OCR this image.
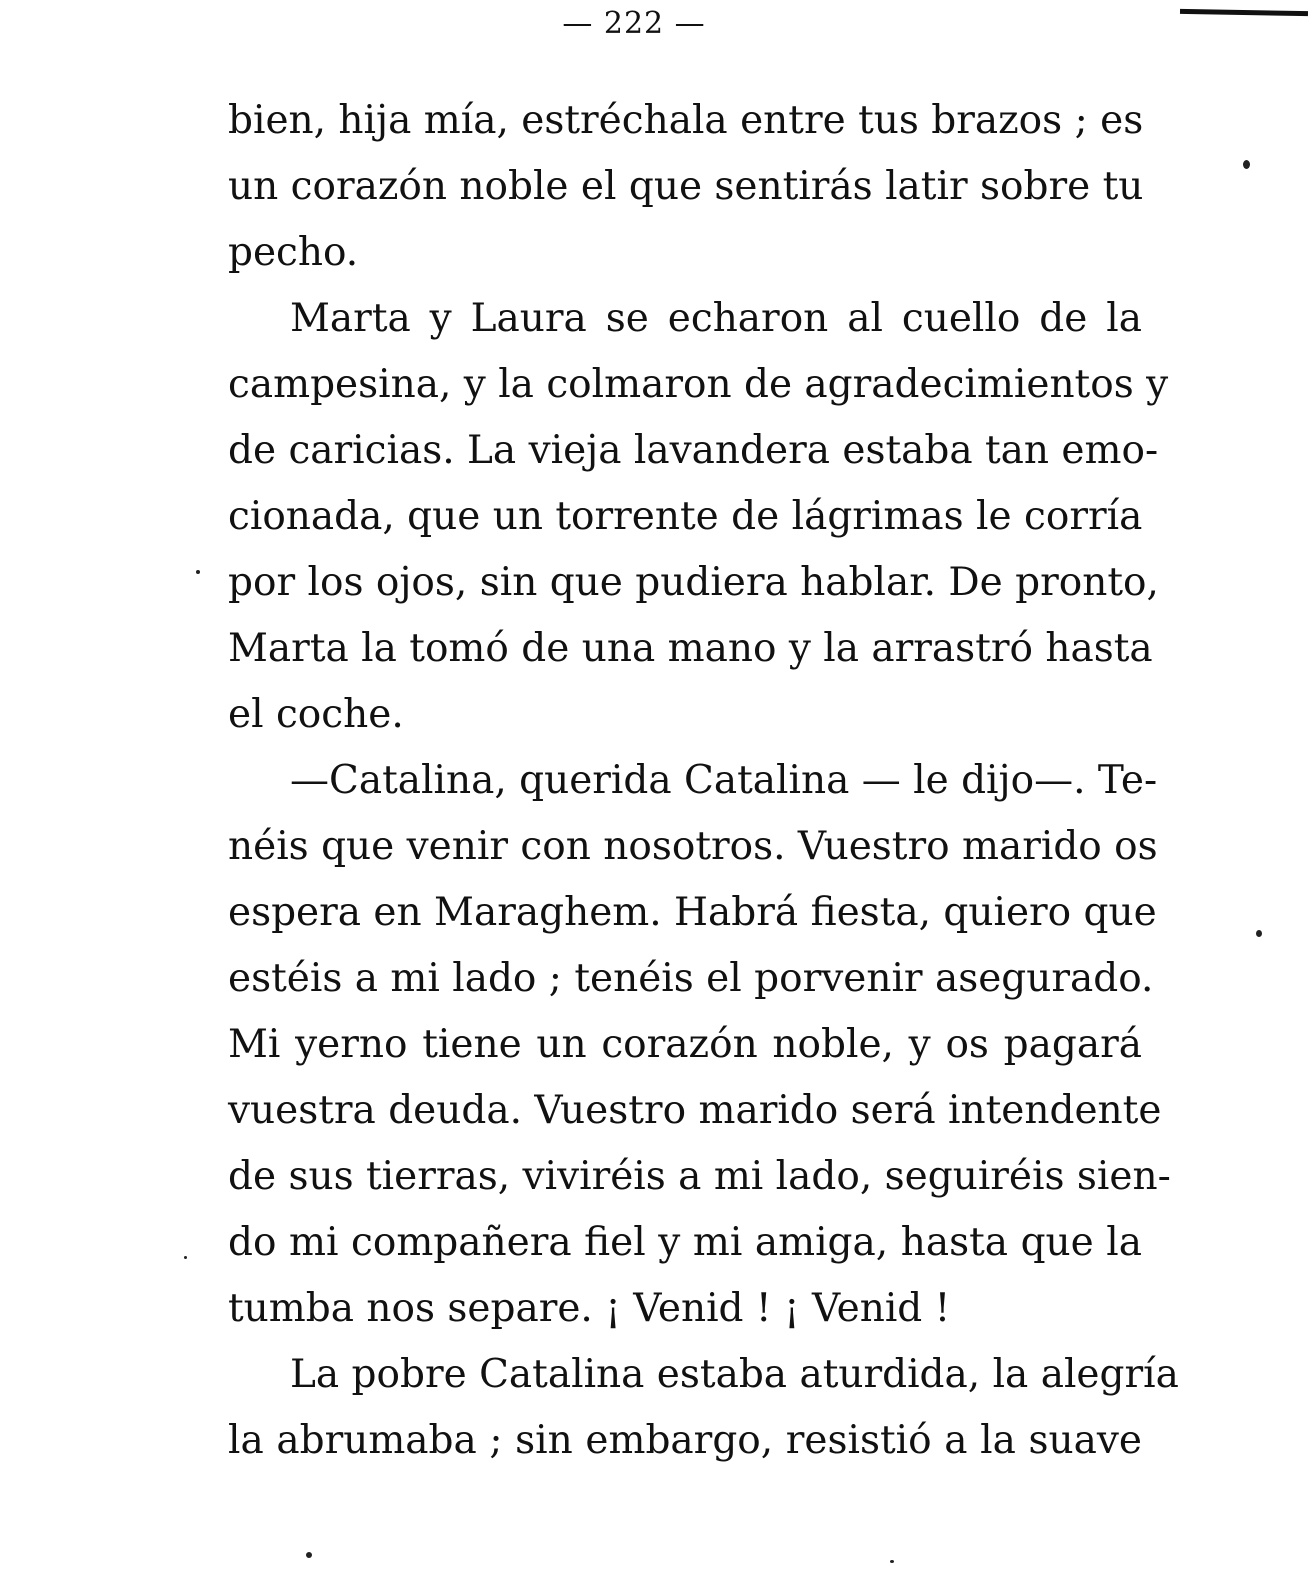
— 222 —
bien, hija mía, estréchala entre tus brazos ; es
un corazón noble el que sentirás latir sobre tu
pecho.
Marta y Laura se echaron al cuello de la
campesina, y la colmaron de agradecimientos y
de caricias. La vieja lavandera estaba tan emo-
cionada, que un torrente de lágrimas le corría
por los ojos, sin que pudiera hablar. De pronto,
Marta la tomó de una mano y la arrastró hasta
el coche.
—Catalina, querida Catalina — le dijo—. Te-
néis que venir con nosotros. Vuestro marido os
espera en Maraghem. Habrá fiesta, quiero que
estéis a mi lado ; tenéis el porvenir asegurado.
Mi yerno tiene un corazón noble, y os pagará
vuestra deuda. Vuestro marido será intendente
de sus tierras, viviréis a mi lado, seguiréis sien-
do mi compañera fiel y mi amiga, hasta que la
tumba nos separe. ¡ Venid ! ¡ Venid !
La pobre Catalina estaba aturdida, la alegría
la abrumaba ; sin embargo, resistió a la suave
